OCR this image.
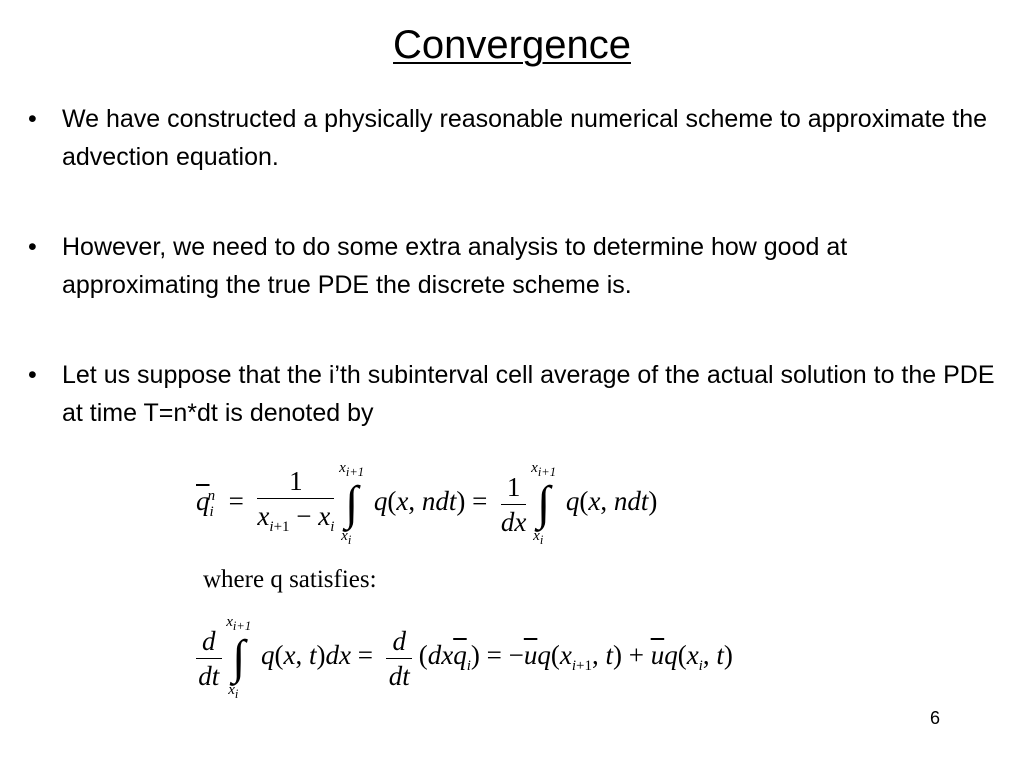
Convergence
• We have constructed a physically reasonable numerical scheme to approximate the advection equation.
• However, we need to do some extra analysis to determine how good at approximating the true PDE the discrete scheme is.
• Let us suppose that the i’th subinterval cell average of the actual solution to the PDE at time T=n*dt is denoted by
$\overline{q}_i^n = \frac{1}{x_{i+1} - x_i}$
$x_{i+1}$
∫
$x_i$
q(x, $ndt) = \frac{1}{dx}$

$x_{i+1}$
∫
$x_i$
q(x, ndt)
where q satisfies:
$\frac{d}{dt}$

$x_{i+1}$
∫
$x_i$
q(x, $t)dx = \frac{d}{dt} (dx\overline{q}_i) = -\overline{u}q(x_{i+1}$, $t) + \overline{u}q(x_i$, t)
6
